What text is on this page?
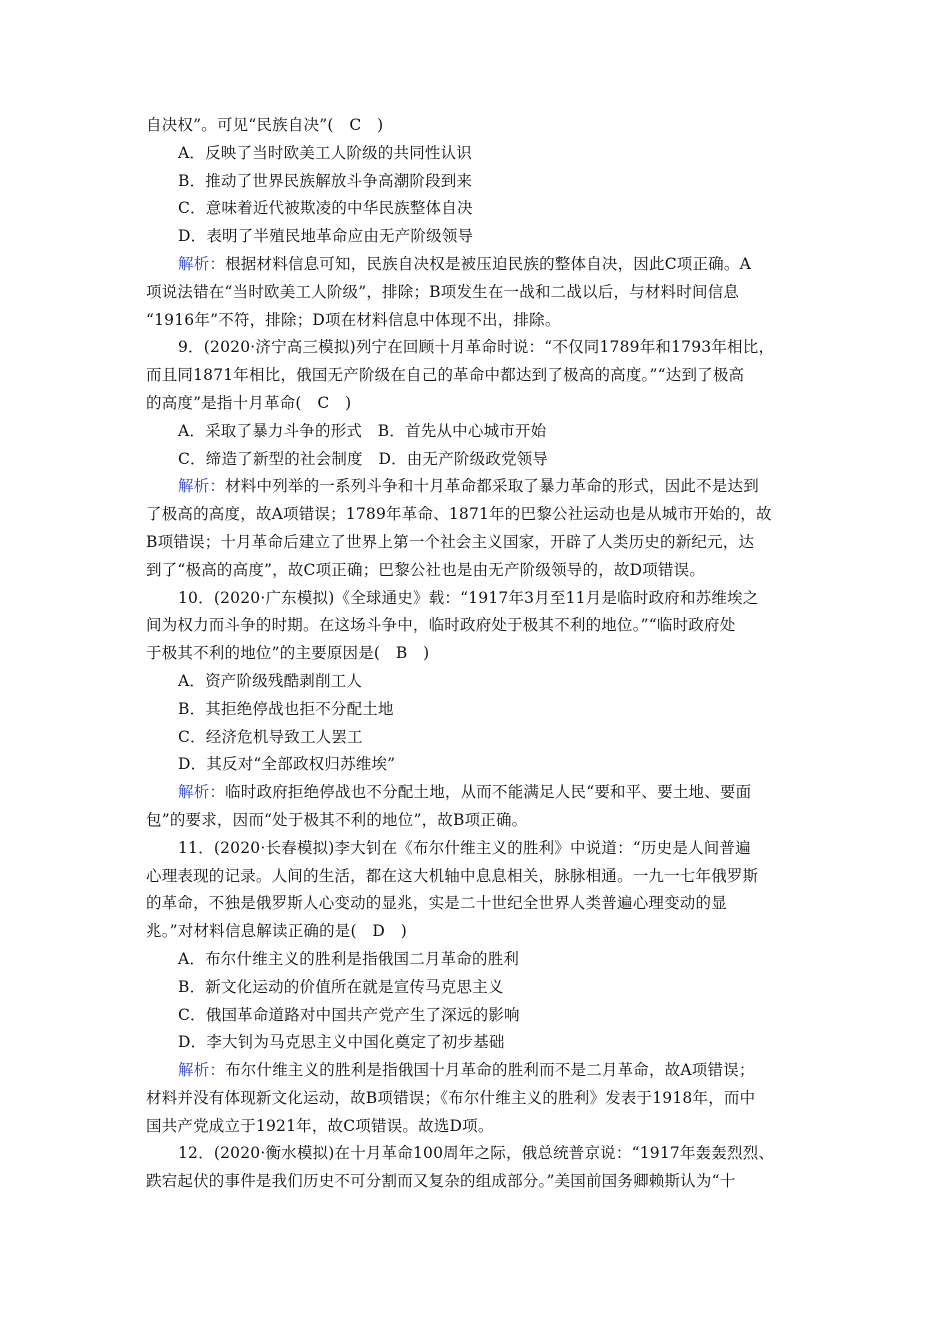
自决权”。可见“民族自决”(　C　)
A．反映了当时欧美工人阶级的共同性认识
B．推动了世界民族解放斗争高潮阶段到来
C．意味着近代被欺凌的中华民族整体自决
D．表明了半殖民地革命应由无产阶级领导
解析：根据材料信息可知，民族自决权是被压迫民族的整体自决，因此C项正确。A
项说法错在“当时欧美工人阶级”，排除；B项发生在一战和二战以后，与材料时间信息
“1916年”不符，排除；D项在材料信息中体现不出，排除。
9．(2020·济宁高三模拟)列宁在回顾十月革命时说：“不仅同1789年和1793年相比，
而且同1871年相比，俄国无产阶级在自己的革命中都达到了极高的高度。”“达到了极高
的高度”是指十月革命(　C　)
A．采取了暴力斗争的形式　B．首先从中心城市开始
C．缔造了新型的社会制度　D．由无产阶级政党领导
解析：材料中列举的一系列斗争和十月革命都采取了暴力革命的形式，因此不是达到
了极高的高度，故A项错误；1789年革命、1871年的巴黎公社运动也是从城市开始的，故
B项错误；十月革命后建立了世界上第一个社会主义国家，开辟了人类历史的新纪元，达
到了“极高的高度”，故C项正确；巴黎公社也是由无产阶级领导的，故D项错误。
10．(2020·广东模拟)《全球通史》载：“1917年3月至11月是临时政府和苏维埃之
间为权力而斗争的时期。在这场斗争中，临时政府处于极其不利的地位。”“临时政府处
于极其不利的地位”的主要原因是(　B　)
A．资产阶级残酷剥削工人
B．其拒绝停战也拒不分配土地
C．经济危机导致工人罢工
D．其反对“全部政权归苏维埃”
解析：临时政府拒绝停战也不分配土地，从而不能满足人民“要和平、要土地、要面
包”的要求，因而“处于极其不利的地位”，故B项正确。
11．(2020·长春模拟)李大钊在《布尔什维主义的胜利》中说道：“历史是人间普遍
心理表现的记录。人间的生活，都在这大机轴中息息相关，脉脉相通。一九一七年俄罗斯
的革命，不独是俄罗斯人心变动的显兆，实是二十世纪全世界人类普遍心理变动的显
兆。”对材料信息解读正确的是(　D　)
A．布尔什维主义的胜利是指俄国二月革命的胜利
B．新文化运动的价值所在就是宣传马克思主义
C．俄国革命道路对中国共产党产生了深远的影响
D．李大钊为马克思主义中国化奠定了初步基础
解析：布尔什维主义的胜利是指俄国十月革命的胜利而不是二月革命，故A项错误；
材料并没有体现新文化运动，故B项错误；《布尔什维主义的胜利》发表于1918年，而中
国共产党成立于1921年，故C项错误。故选D项。
12．(2020·衡水模拟)在十月革命100周年之际，俄总统普京说：“1917年轰轰烈烈、
跌宕起伏的事件是我们历史不可分割而又复杂的组成部分。”美国前国务卿赖斯认为“十
